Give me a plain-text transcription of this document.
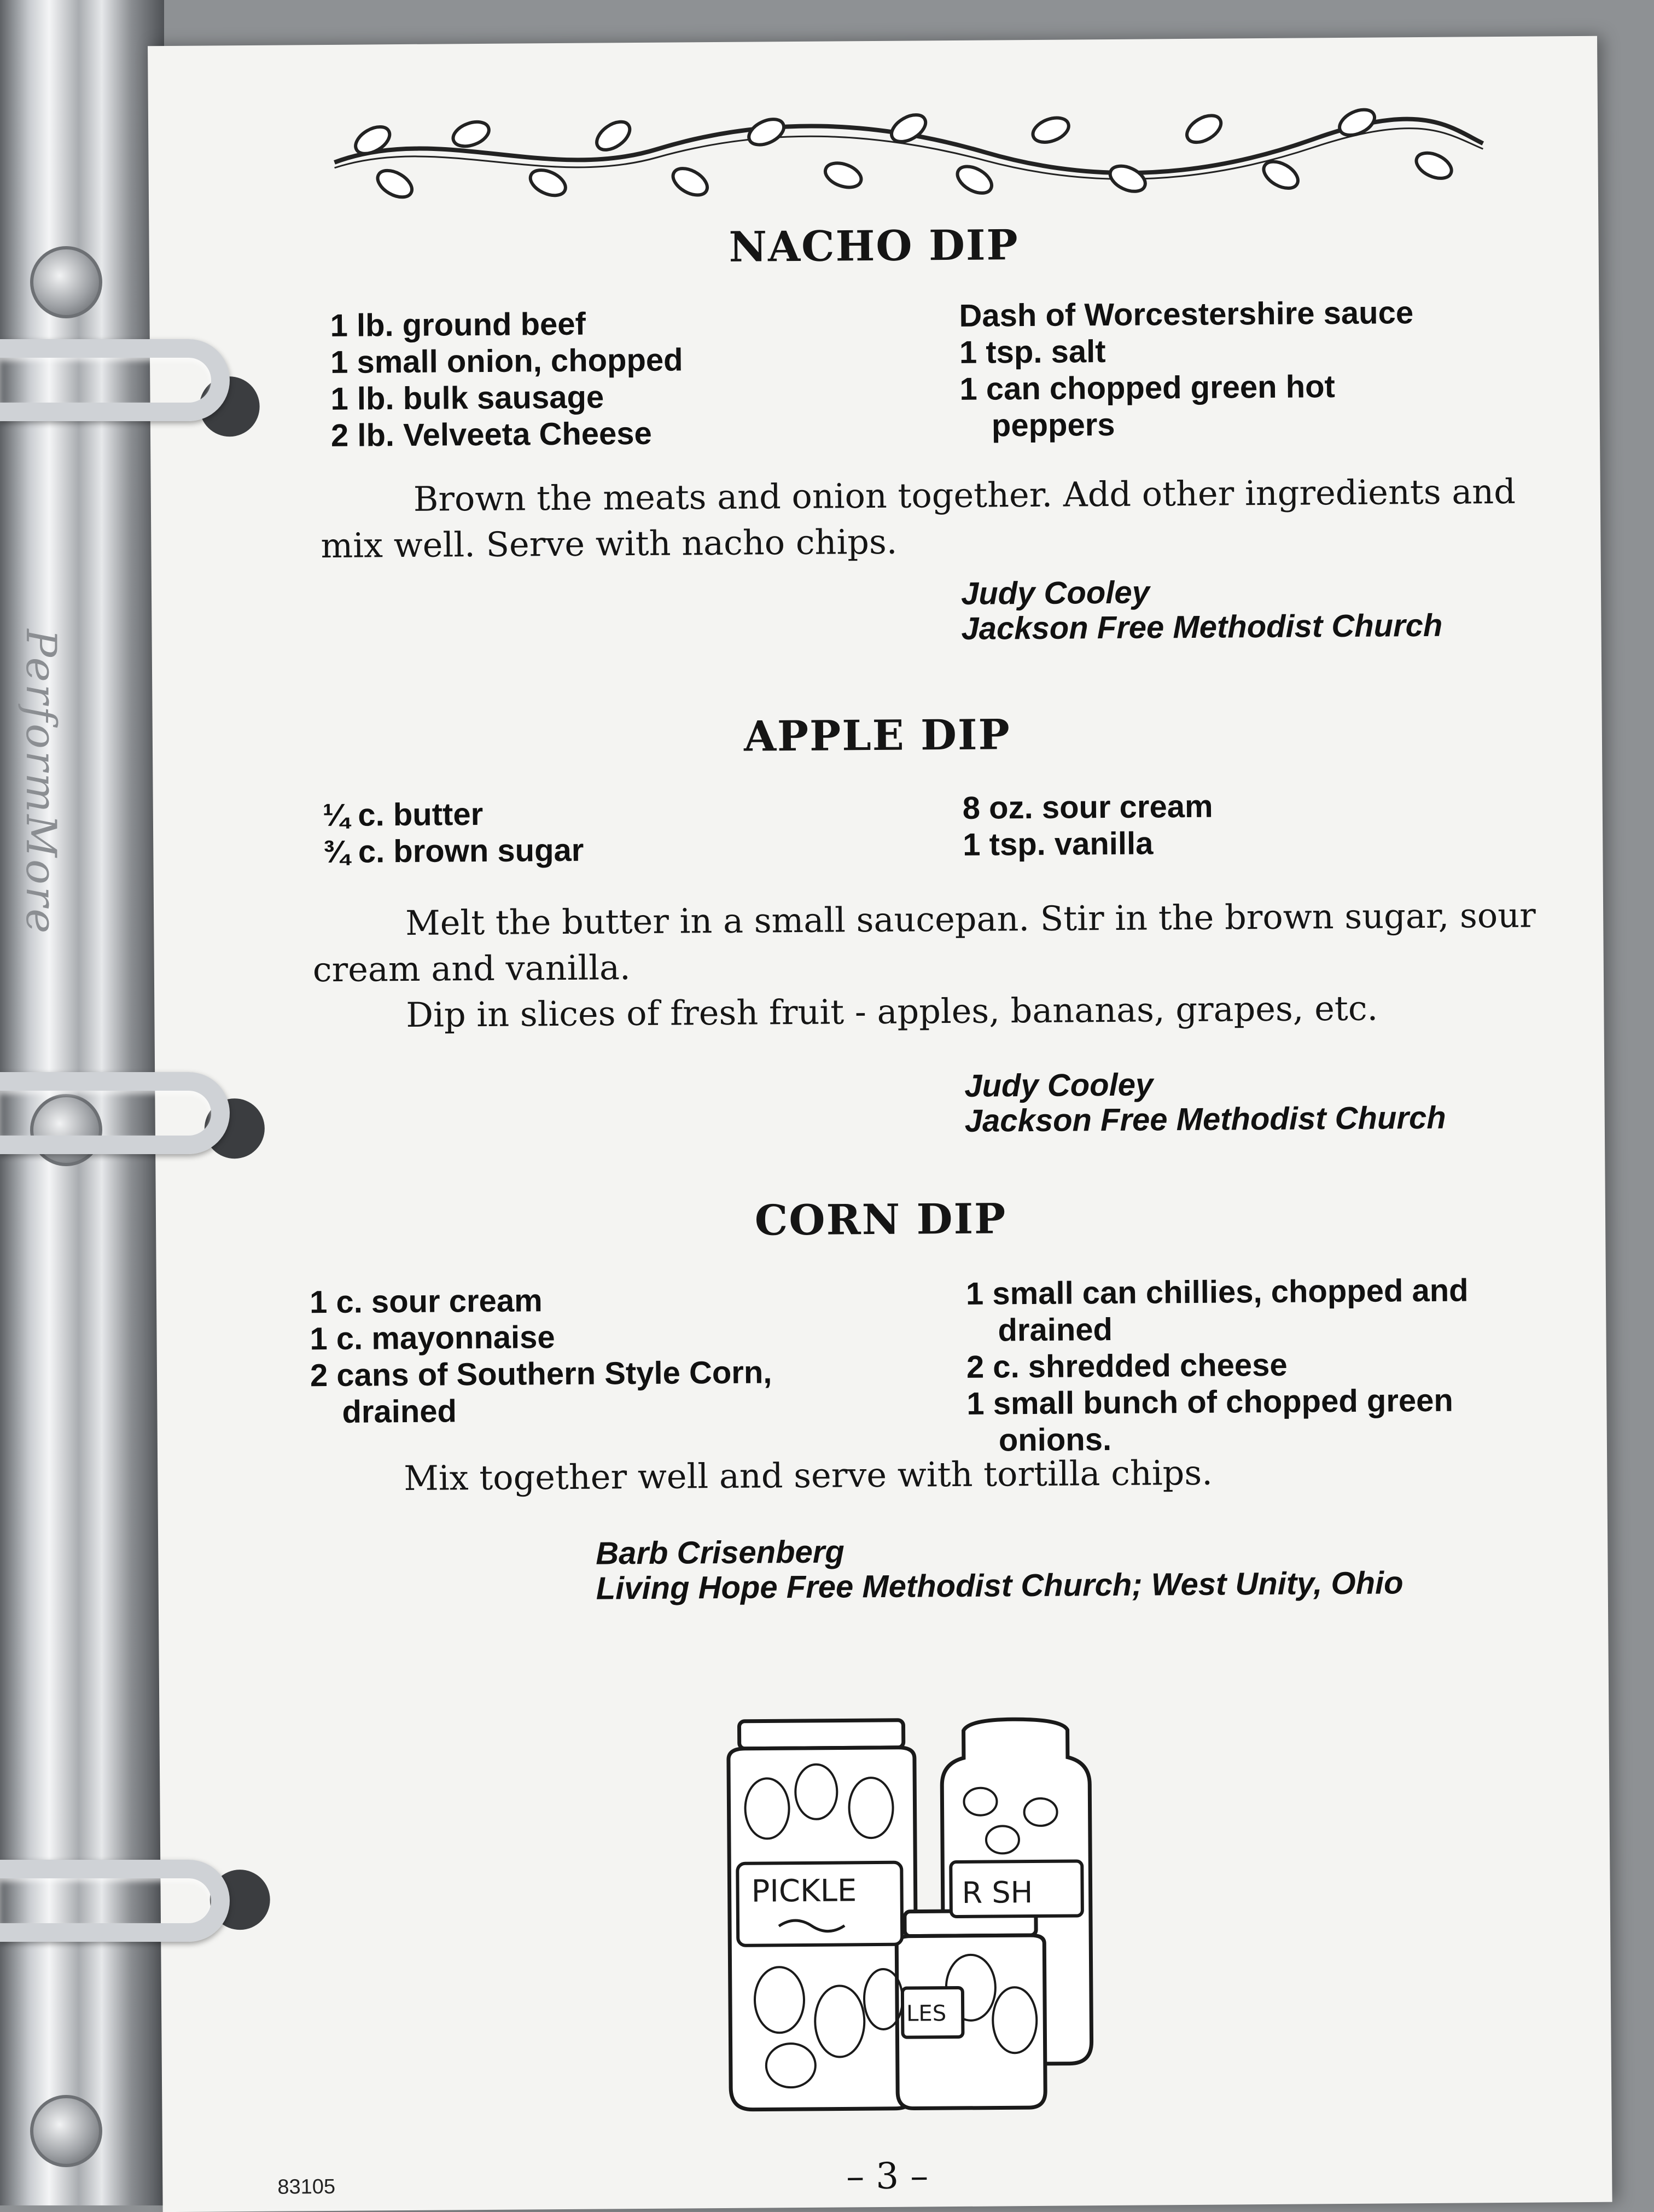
PerformMore
NACHO DIP
1 lb. ground beef
1 small onion, chopped
1 lb. bulk sausage
2 lb. Velveeta Cheese
Dash of Worcestershire sauce
1 tsp. salt
1 can chopped green hot
peppers
Brown the meats and onion together. Add other ingredients and mix well. Serve with nacho chips.
Judy Cooley
Jackson Free Methodist Church
APPLE DIP
¼ c. butter
¾ c. brown sugar
8 oz. sour cream
1 tsp. vanilla
Melt the butter in a small saucepan. Stir in the brown sugar, sour cream and vanilla.
Dip in slices of fresh fruit - apples, bananas, grapes, etc.
Judy Cooley
Jackson Free Methodist Church
CORN DIP
1 c. sour cream
1 c. mayonnaise
2 cans of Southern Style Corn,
drained
1 small can chillies, chopped and
drained
2 c. shredded cheese
1 small bunch of chopped green
onions.
Mix together well and serve with tortilla chips.
Barb Crisenberg
Living Hope Free Methodist Church; West Unity, Ohio
PICKLE	R SH
LES
83105	– 3 –
